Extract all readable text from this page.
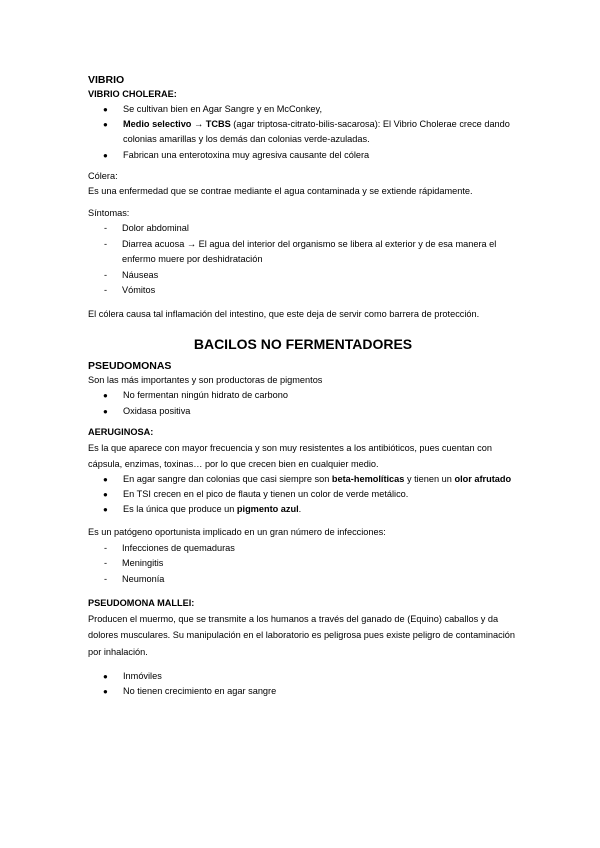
VIBRIO

VIBRIO CHOLERAE:

● Se cultivan bien en Agar Sangre y en McConkey,
● Medio selectivo → TCBS (agar triptosa-citrato-bilis-sacarosa): El Vibrio Cholerae crece dando colonias amarillas y los demás dan colonias verde-azuladas.
● Fabrican una enterotoxina muy agresiva causante del cólera

Cólera:

Es una enfermedad que se contrae mediante el agua contaminada y se extiende rápidamente.

Síntomas:

- Dolor abdominal
- Diarrea acuosa → El agua del interior del organismo se libera al exterior y de esa manera el enfermo muere por deshidratación
- Náuseas
- Vómitos

El cólera causa tal inflamación del intestino, que este deja de servir como barrera de protección.

BACILOS NO FERMENTADORES

PSEUDOMONAS

Son las más importantes y son productoras de pigmentos

● No fermentan ningún hidrato de carbono
● Oxidasa positiva

AERUGINOSA:

Es la que aparece con mayor frecuencia y son muy resistentes a los antibióticos, pues cuentan con cápsula, enzimas, toxinas… por lo que crecen bien en cualquier medio.

● En agar sangre dan colonias que casi siempre son beta-hemolíticas y tienen un olor afrutado
● En TSI crecen en el pico de flauta y tienen un color de verde metálico.
● Es la única que produce un pigmento azul.

Es un patógeno oportunista implicado en un gran número de infecciones:

- Infecciones de quemaduras
- Meningitis
- Neumonía

PSEUDOMONA MALLEI:

Producen el muermo, que se transmite a los humanos a través del ganado de (Equino) caballos y da dolores musculares. Su manipulación en el laboratorio es peligrosa pues existe peligro de contaminación por inhalación.

● Inmóviles
● No tienen crecimiento en agar sangre
